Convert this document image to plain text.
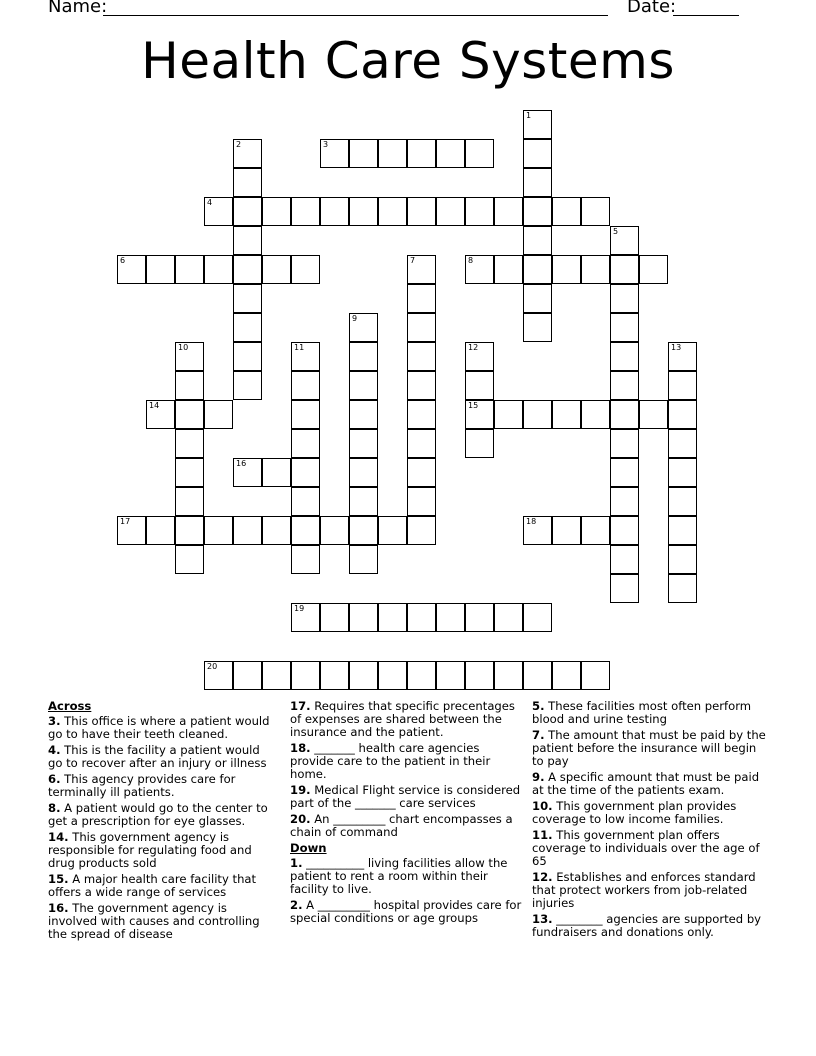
Name:	Date:
Health Care Systems
1
2	3
4
5
6	7	8
9
10	11	12
15
13
14
16
17	18
19
20
Across
3. This office is where a patient would go to have their teeth cleaned.
4. This is the facility a patient would go to recover after an injury or illness
6. This agency provides care for terminally ill patients.
8. A patient would go to the center to get a prescription for eye glasses.
14. This government agency is responsible for regulating food and drug products sold
15. A major health care facility that offers a wide range of services
16. The government agency is involved with causes and controlling the spread of disease
17. Requires that specific precentages of expenses are shared between the insurance and the patient.
18. _______ health care agencies provide care to the patient in their home.
19. Medical Flight service is considered part of the _______ care services
20. An _________ chart encompasses a chain of command
Down
1. __________ living facilities allow the patient to rent a room within their facility to live.
2. A _________ hospital provides care for special conditions or age groups
5. These facilities most often perform blood and urine testing
7. The amount that must be paid by the patient before the insurance will begin to pay
9. A specific amount that must be paid at the time of the patients exam.
10. This government plan provides coverage to low income families.
11. This government plan offers coverage to individuals over the age of 65
12. Establishes and enforces standard that protect workers from job-related injuries
13. ________ agencies are supported by fundraisers and donations only.
